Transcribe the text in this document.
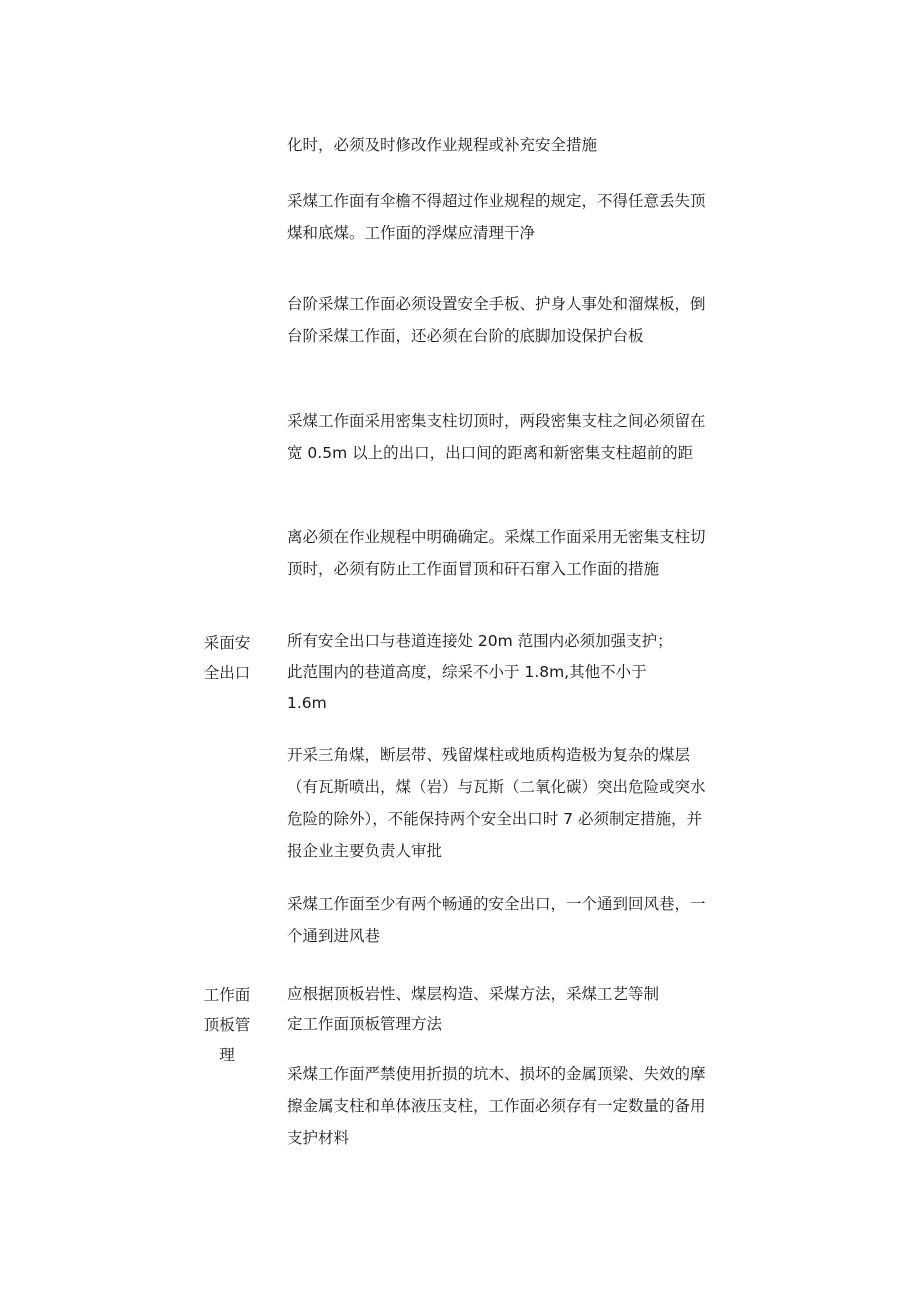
化时，必须及时修改作业规程或补充安全措施
采煤工作面有伞檐不得超过作业规程的规定，不得任意丢失顶
煤和底煤。工作面的浮煤应清理干净
台阶采煤工作面必须设置安全手板、护身人事处和溜煤板，倒
台阶采煤工作面，还必须在台阶的底脚加设保护台板
采煤工作面采用密集支柱切顶时，两段密集支柱之间必须留在
宽 0.5m 以上的出口，出口间的距离和新密集支柱超前的距
离必须在作业规程中明确确定。采煤工作面采用无密集支柱切
顶时，必须有防止工作面冒顶和矸石窜入工作面的措施
采面安
全出口
所有安全出口与巷道连接处 20m 范围内必须加强支护；
此范围内的巷道高度，综采不小于 1.8m,其他不小于
1.6m
开采三角煤，断层带、残留煤柱或地质构造极为复杂的煤层
（有瓦斯喷出，煤（岩）与瓦斯（二氧化碳）突出危险或突水
危险的除外），不能保持两个安全出口时 7 必须制定措施，并
报企业主要负责人审批
采煤工作面至少有两个畅通的安全出口，一个通到回风巷，一
个通到进风巷
工作面
顶板管
理
应根据顶板岩性、煤层构造、采煤方法，采煤工艺等制
定工作面顶板管理方法
采煤工作面严禁使用折损的坑木、损坏的金属顶梁、失效的摩
擦金属支柱和单体液压支柱，工作面必须存有一定数量的备用
支护材料
